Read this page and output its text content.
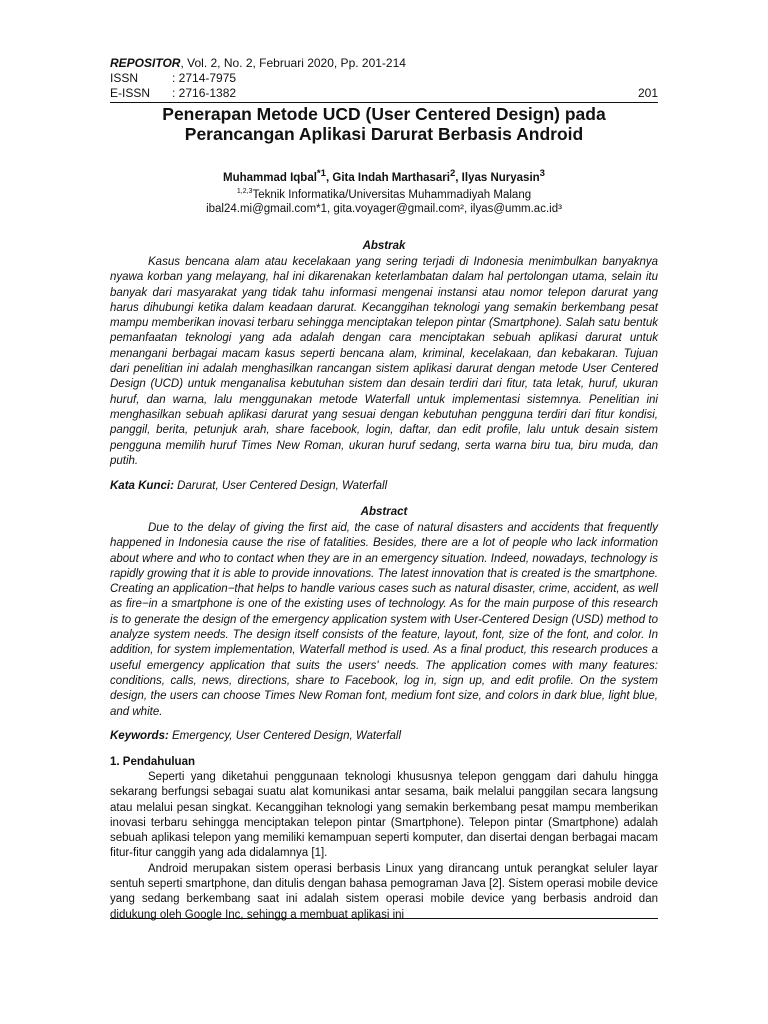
REPOSITOR, Vol. 2, No. 2, Februari 2020, Pp. 201-214
ISSN	: 2714-7975
E-ISSN	: 2716-1382	201
Penerapan Metode UCD (User Centered Design) pada
Perancangan Aplikasi Darurat Berbasis Android
Muhammad Iqbal$^{*1}$, Gita Indah Marthasari$^2$, Ilyas Nuryasin$^3$
$^{1,2,3}$Teknik Informatika/Universitas Muhammadiyah Malang
ibal24.mi@gmail.com*1, gita.voyager@gmail.com², ilyas@umm.ac.id³
Abstrak

Kasus bencana alam atau kecelakaan yang sering terjadi di Indonesia menimbulkan banyaknya nyawa korban yang melayang, hal ini dikarenakan keterlambatan dalam hal pertolongan utama, selain itu banyak dari masyarakat yang tidak tahu informasi mengenai instansi atau nomor telepon darurat yang harus dihubungi ketika dalam keadaan darurat. Kecanggihan teknologi yang semakin berkembang pesat mampu memberikan inovasi terbaru sehingga menciptakan telepon pintar (Smartphone). Salah satu bentuk pemanfaatan teknologi yang ada adalah dengan cara menciptakan sebuah aplikasi darurat untuk menangani berbagai macam kasus seperti bencana alam, kriminal, kecelakaan, dan kebakaran. Tujuan dari penelitian ini adalah menghasilkan rancangan sistem aplikasi darurat dengan metode User Centered Design (UCD) untuk menganalisa kebutuhan sistem dan desain terdiri dari fitur, tata letak, huruf, ukuran huruf, dan warna, lalu menggunakan metode Waterfall untuk implementasi sistemnya. Penelitian ini menghasilkan sebuah aplikasi darurat yang sesuai dengan kebutuhan pengguna terdiri dari fitur kondisi, panggil, berita, petunjuk arah, share facebook, login, daftar, dan edit profile, lalu untuk desain sistem pengguna memilih huruf Times New Roman, ukuran huruf sedang, serta warna biru tua, biru muda, dan putih.

Kata Kunci: Darurat, User Centered Design, Waterfall
Abstract

Due to the delay of giving the first aid, the case of natural disasters and accidents that frequently happened in Indonesia cause the rise of fatalities. Besides, there are a lot of people who lack information about where and who to contact when they are in an emergency situation. Indeed, nowadays, technology is rapidly growing that it is able to provide innovations. The latest innovation that is created is the smartphone. Creating an application−that helps to handle various cases such as natural disaster, crime, accident, as well as fire−in a smartphone is one of the existing uses of technology. As for the main purpose of this research is to generate the design of the emergency application system with User-Centered Design (USD) method to analyze system needs. The design itself consists of the feature, layout, font, size of the font, and color. In addition, for system implementation, Waterfall method is used. As a final product, this research produces a useful emergency application that suits the users' needs. The application comes with many features: conditions, calls, news, directions, share to Facebook, log in, sign up, and edit profile. On the system design, the users can choose Times New Roman font, medium font size, and colors in dark blue, light blue, and white.

Keywords: Emergency, User Centered Design, Waterfall
1. Pendahuluan

Seperti yang diketahui penggunaan teknologi khususnya telepon genggam dari dahulu hingga sekarang berfungsi sebagai suatu alat komunikasi antar sesama, baik melalui panggilan secara langsung atau melalui pesan singkat. Kecanggihan teknologi yang semakin berkembang pesat mampu memberikan inovasi terbaru sehingga menciptakan telepon pintar (Smartphone). Telepon pintar (Smartphone) adalah sebuah aplikasi telepon yang memiliki kemampuan seperti komputer, dan disertai dengan berbagai macam fitur-fitur canggih yang ada didalamnya [1].

Android merupakan sistem operasi berbasis Linux yang dirancang untuk perangkat seluler layar sentuh seperti smartphone, dan ditulis dengan bahasa pemograman Java [2]. Sistem operasi mobile device yang sedang berkembang saat ini adalah sistem operasi mobile device yang berbasis android dan didukung oleh Google Inc, sehingg a membuat aplikasi ini
